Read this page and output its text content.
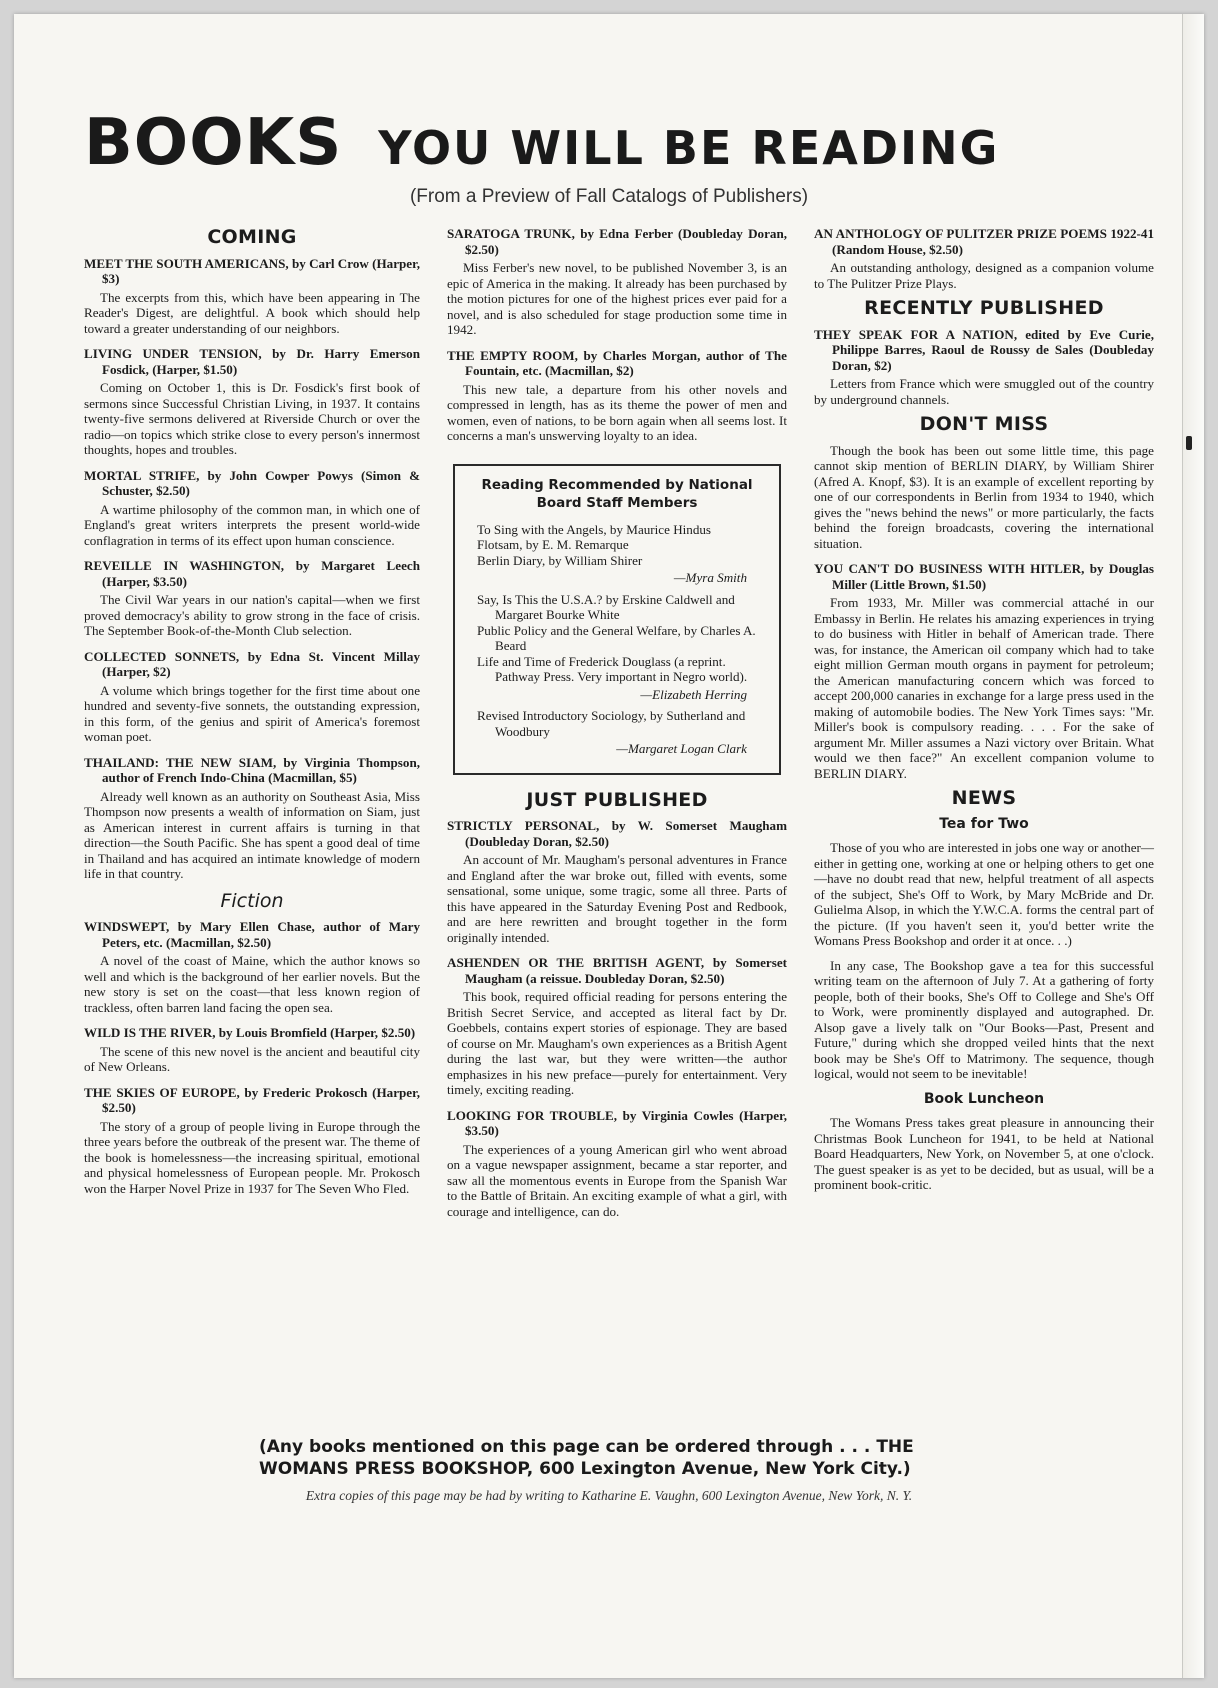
BOOKS YOU WILL BE READING
(From a Preview of Fall Catalogs of Publishers)
COMING
MEET THE SOUTH AMERICANS, by Carl Crow (Harper, $3)
The excerpts from this, which have been appearing in The Reader's Digest, are delightful. A book which should help toward a greater understanding of our neighbors.
LIVING UNDER TENSION, by Dr. Harry Emerson Fosdick, (Harper, $1.50)
Coming on October 1, this is Dr. Fosdick's first book of sermons since Successful Christian Living, in 1937. It contains twenty-five sermons delivered at Riverside Church or over the radio—on topics which strike close to every person's innermost thoughts, hopes and troubles.
MORTAL STRIFE, by John Cowper Powys (Simon & Schuster, $2.50)
A wartime philosophy of the common man, in which one of England's great writers interprets the present world-wide conflagration in terms of its effect upon human conscience.
REVEILLE IN WASHINGTON, by Margaret Leech (Harper, $3.50)
The Civil War years in our nation's capital—when we first proved democracy's ability to grow strong in the face of crisis. The September Book-of-the-Month Club selection.
COLLECTED SONNETS, by Edna St. Vincent Millay (Harper, $2)
A volume which brings together for the first time about one hundred and seventy-five sonnets, the outstanding expression, in this form, of the genius and spirit of America's foremost woman poet.
THAILAND: THE NEW SIAM, by Virginia Thompson, author of French Indo-China (Macmillan, $5)
Already well known as an authority on Southeast Asia, Miss Thompson now presents a wealth of information on Siam, just as American interest in current affairs is turning in that direction—the South Pacific. She has spent a good deal of time in Thailand and has acquired an intimate knowledge of modern life in that country.
Fiction
WINDSWEPT, by Mary Ellen Chase, author of Mary Peters, etc. (Macmillan, $2.50)
A novel of the coast of Maine, which the author knows so well and which is the background of her earlier novels. But the new story is set on the coast—that less known region of trackless, often barren land facing the open sea.
WILD IS THE RIVER, by Louis Bromfield (Harper, $2.50)
The scene of this new novel is the ancient and beautiful city of New Orleans.
THE SKIES OF EUROPE, by Frederic Prokosch (Harper, $2.50)
The story of a group of people living in Europe through the three years before the outbreak of the present war. The theme of the book is homelessness—the increasing spiritual, emotional and physical homelessness of European people. Mr. Prokosch won the Harper Novel Prize in 1937 for The Seven Who Fled.
SARATOGA TRUNK, by Edna Ferber (Doubleday Doran, $2.50)
Miss Ferber's new novel, to be published November 3, is an epic of America in the making. It already has been purchased by the motion pictures for one of the highest prices ever paid for a novel, and is also scheduled for stage production some time in 1942.
THE EMPTY ROOM, by Charles Morgan, author of The Fountain, etc. (Macmillan, $2)
This new tale, a departure from his other novels and compressed in length, has as its theme the power of men and women, even of nations, to be born again when all seems lost. It concerns a man's unswerving loyalty to an idea.
Reading Recommended by National Board Staff Members
To Sing with the Angels, by Maurice Hindus
Flotsam, by E. M. Remarque
Berlin Diary, by William Shirer
—Myra Smith
Say, Is This the U.S.A.? by Erskine Caldwell and Margaret Bourke White
Public Policy and the General Welfare, by Charles A. Beard
Life and Time of Frederick Douglass (a reprint. Pathway Press. Very important in Negro world).
—Elizabeth Herring
Revised Introductory Sociology, by Sutherland and Woodbury
—Margaret Logan Clark
JUST PUBLISHED
STRICTLY PERSONAL, by W. Somerset Maugham (Doubleday Doran, $2.50)
An account of Mr. Maugham's personal adventures in France and England after the war broke out, filled with events, some sensational, some unique, some tragic, some all three. Parts of this have appeared in the Saturday Evening Post and Redbook, and are here rewritten and brought together in the form originally intended.
ASHENDEN OR THE BRITISH AGENT, by Somerset Maugham (a reissue. Doubleday Doran, $2.50)
This book, required official reading for persons entering the British Secret Service, and accepted as literal fact by Dr. Goebbels, contains expert stories of espionage. They are based of course on Mr. Maugham's own experiences as a British Agent during the last war, but they were written—the author emphasizes in his new preface—purely for entertainment. Very timely, exciting reading.
LOOKING FOR TROUBLE, by Virginia Cowles (Harper, $3.50)
The experiences of a young American girl who went abroad on a vague newspaper assignment, became a star reporter, and saw all the momentous events in Europe from the Spanish War to the Battle of Britain. An exciting example of what a girl, with courage and intelligence, can do.
AN ANTHOLOGY OF PULITZER PRIZE POEMS 1922-41 (Random House, $2.50)
An outstanding anthology, designed as a companion volume to The Pulitzer Prize Plays.
RECENTLY PUBLISHED
THEY SPEAK FOR A NATION, edited by Eve Curie, Philippe Barres, Raoul de Roussy de Sales (Doubleday Doran, $2)
Letters from France which were smuggled out of the country by underground channels.
DON'T MISS
Though the book has been out some little time, this page cannot skip mention of BERLIN DIARY, by William Shirer (Afred A. Knopf, $3). It is an example of excellent reporting by one of our correspondents in Berlin from 1934 to 1940, which gives the "news behind the news" or more particularly, the facts behind the foreign broadcasts, covering the international situation.
YOU CAN'T DO BUSINESS WITH HITLER, by Douglas Miller (Little Brown, $1.50)
From 1933, Mr. Miller was commercial attaché in our Embassy in Berlin. He relates his amazing experiences in trying to do business with Hitler in behalf of American trade. There was, for instance, the American oil company which had to take eight million German mouth organs in payment for petroleum; the American manufacturing concern which was forced to accept 200,000 canaries in exchange for a large press used in the making of automobile bodies. The New York Times says: "Mr. Miller's book is compulsory reading. . . . For the sake of argument Mr. Miller assumes a Nazi victory over Britain. What would we then face?" An excellent companion volume to BERLIN DIARY.
NEWS
Tea for Two
Those of you who are interested in jobs one way or another—either in getting one, working at one or helping others to get one—have no doubt read that new, helpful treatment of all aspects of the subject, She's Off to Work, by Mary McBride and Dr. Gulielma Alsop, in which the Y.W.C.A. forms the central part of the picture. (If you haven't seen it, you'd better write the Womans Press Bookshop and order it at once. . .)
In any case, The Bookshop gave a tea for this successful writing team on the afternoon of July 7. At a gathering of forty people, both of their books, She's Off to College and She's Off to Work, were prominently displayed and autographed. Dr. Alsop gave a lively talk on "Our Books—Past, Present and Future," during which she dropped veiled hints that the next book may be She's Off to Matrimony. The sequence, though logical, would not seem to be inevitable!
Book Luncheon
The Womans Press takes great pleasure in announcing their Christmas Book Luncheon for 1941, to be held at National Board Headquarters, New York, on November 5, at one o'clock. The guest speaker is as yet to be decided, but as usual, will be a prominent book-critic.
(Any books mentioned on this page can be ordered through . . . THE
WOMANS PRESS BOOKSHOP, 600 Lexington Avenue, New York City.)
Extra copies of this page may be had by writing to Katharine E. Vaughn, 600 Lexington Avenue, New York, N. Y.
